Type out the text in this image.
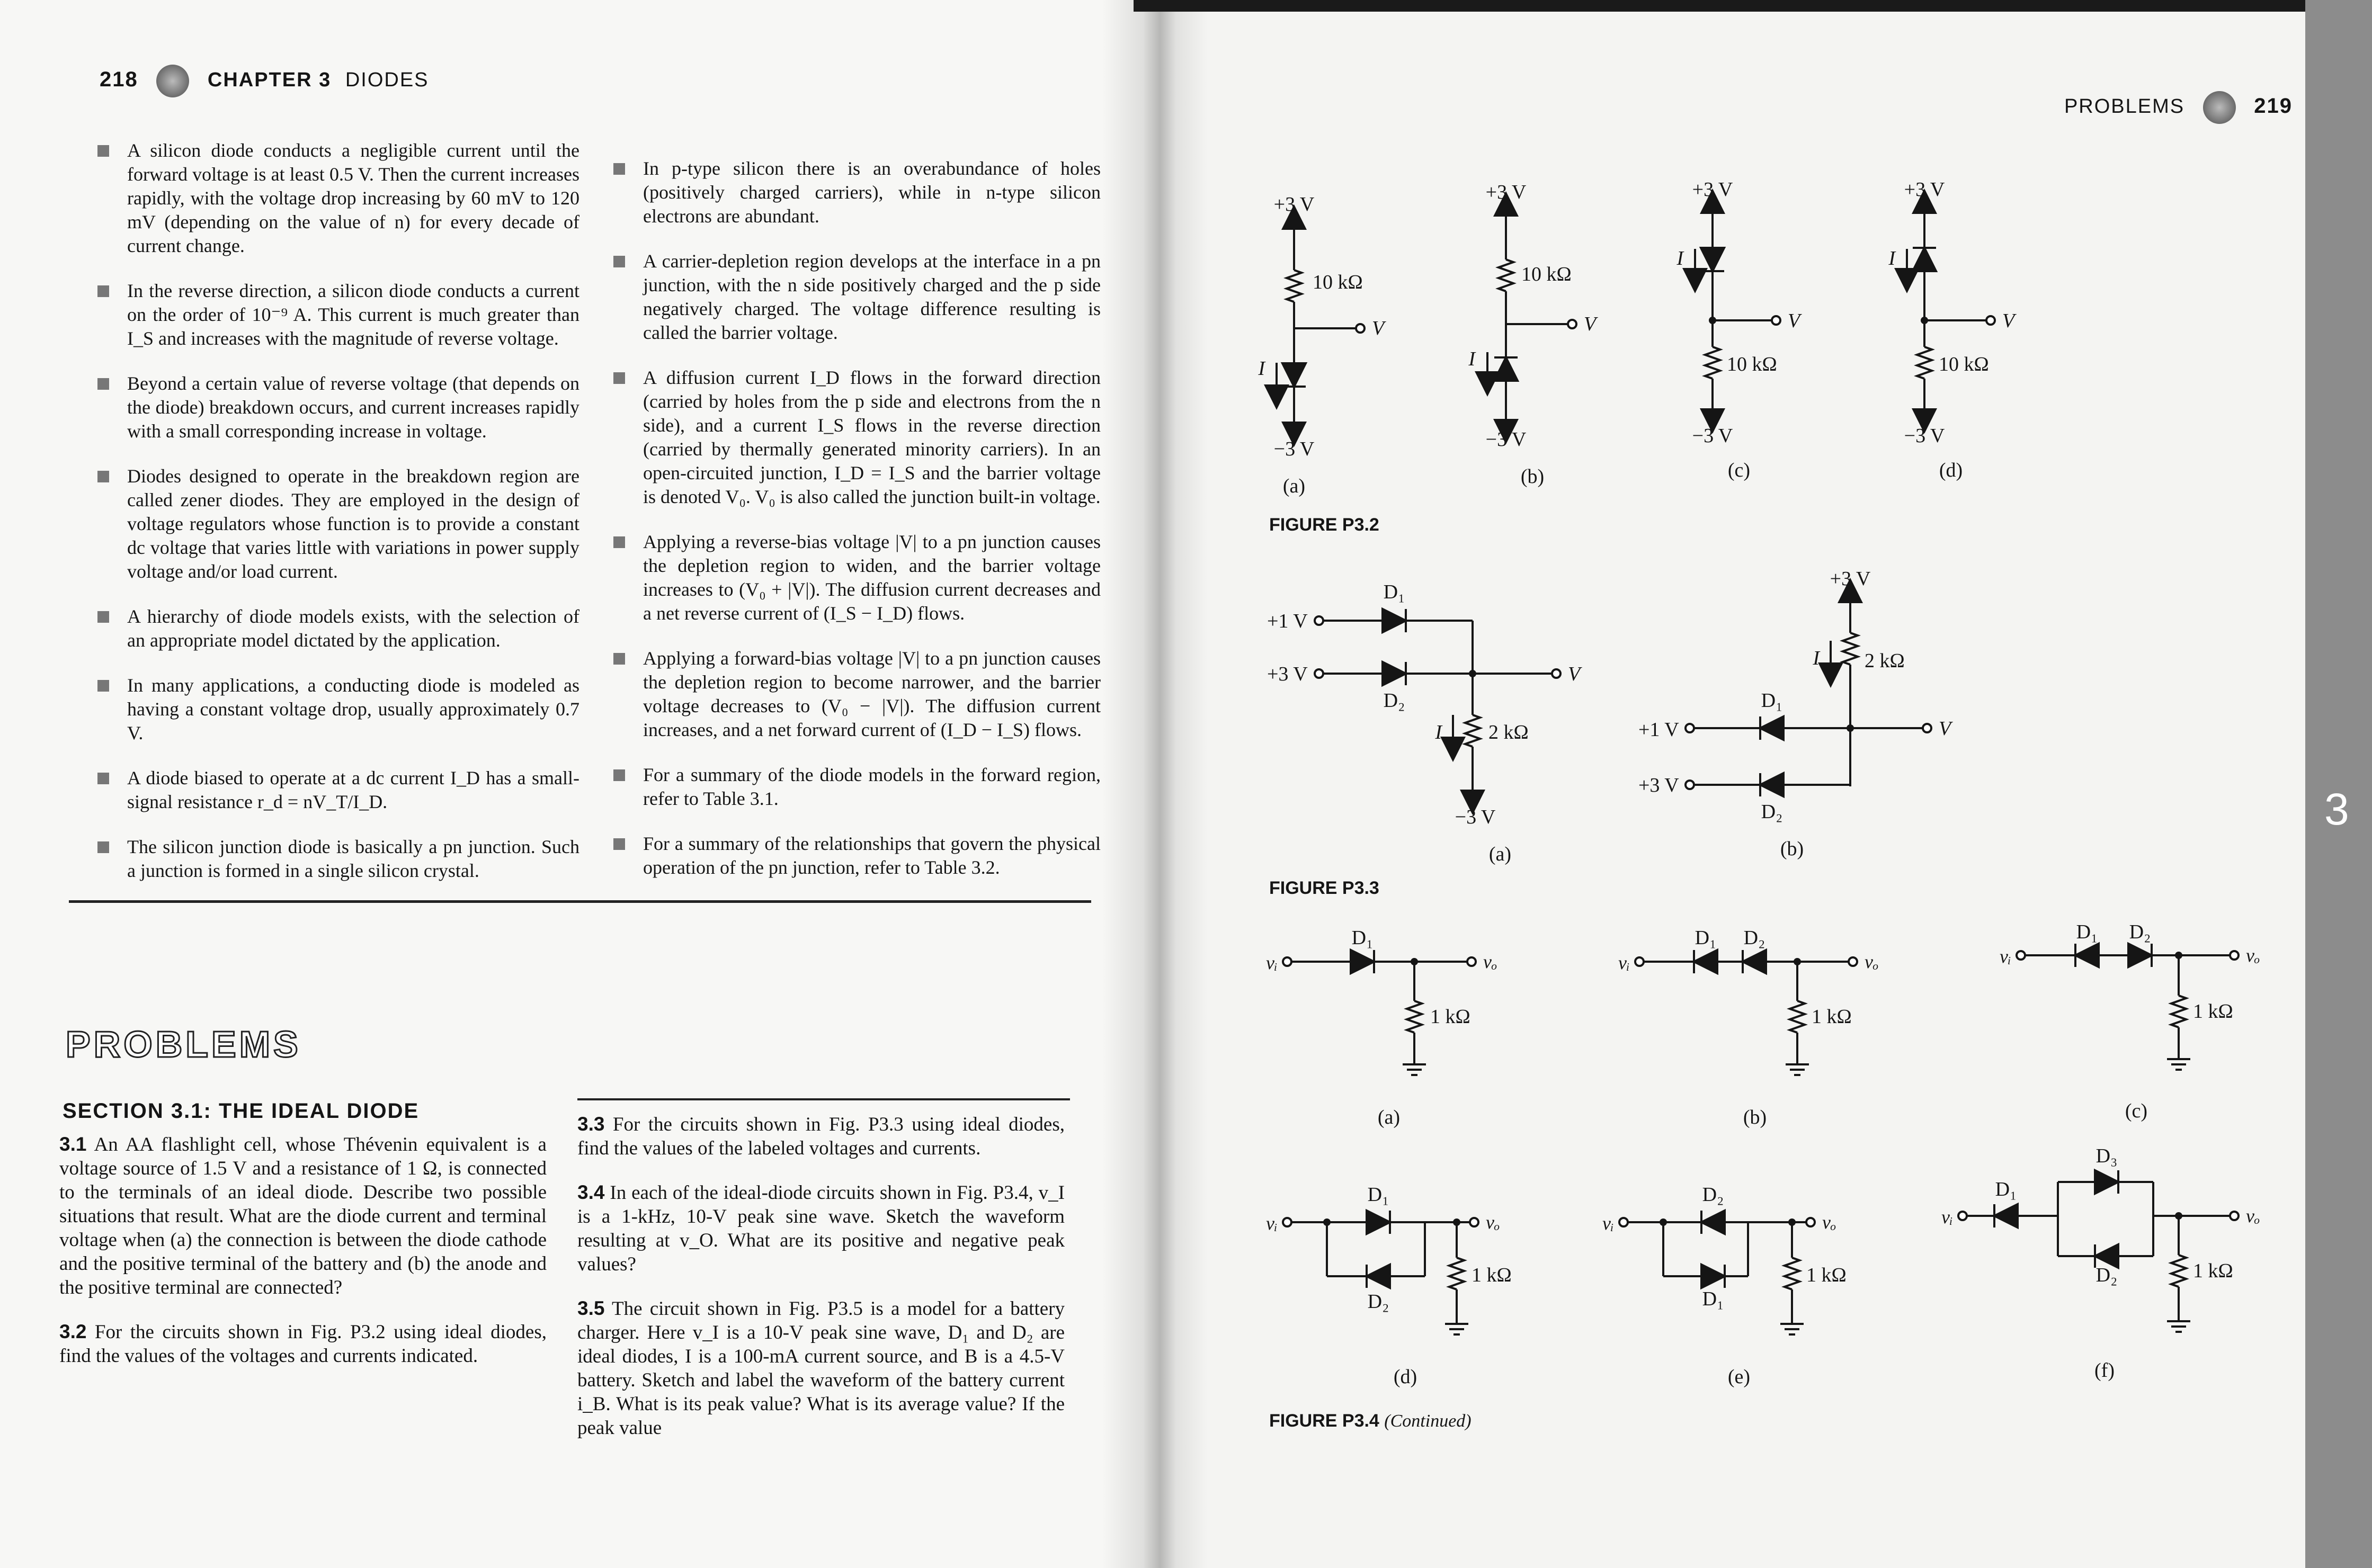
218	CHAPTER 3 DIODES
A silicon diode conducts a negligible current until the forward voltage is at least 0.5 V. Then the current increases rapidly, with the voltage drop increasing by 60 mV to 120 mV (depending on the value of n) for every decade of current change.
In the reverse direction, a silicon diode conducts a current on the order of 10⁻⁹ A. This current is much greater than I_S and increases with the magnitude of reverse voltage.
Beyond a certain value of reverse voltage (that depends on the diode) breakdown occurs, and current increases rapidly with a small corresponding increase in voltage.
Diodes designed to operate in the breakdown region are called zener diodes. They are employed in the design of voltage regulators whose function is to provide a constant dc voltage that varies little with variations in power supply voltage and/or load current.
A hierarchy of diode models exists, with the selection of an appropriate model dictated by the application.
In many applications, a conducting diode is modeled as having a constant voltage drop, usually approximately 0.7 V.
A diode biased to operate at a dc current I_D has a small-signal resistance r_d = nV_T/I_D.
The silicon junction diode is basically a pn junction. Such a junction is formed in a single silicon crystal.
In p-type silicon there is an overabundance of holes (positively charged carriers), while in n-type silicon electrons are abundant.
A carrier-depletion region develops at the interface in a pn junction, with the n side positively charged and the p side negatively charged. The voltage difference resulting is called the barrier voltage.
A diffusion current I_D flows in the forward direction (carried by holes from the p side and electrons from the n side), and a current I_S flows in the reverse direction (carried by thermally generated minority carriers). In an open-circuited junction, I_D = I_S and the barrier voltage is denoted V₀. V₀ is also called the junction built-in voltage.
Applying a reverse-bias voltage |V| to a pn junction causes the depletion region to widen, and the barrier voltage increases to (V₀ + |V|). The diffusion current decreases and a net reverse current of (I_S − I_D) flows.
Applying a forward-bias voltage |V| to a pn junction causes the depletion region to become narrower, and the barrier voltage decreases to (V₀ − |V|). The diffusion current increases, and a net forward current of (I_D − I_S) flows.
For a summary of the diode models in the forward region, refer to Table 3.1.
For a summary of the relationships that govern the physical operation of the pn junction, refer to Table 3.2.
PROBLEMS
SECTION 3.1: THE IDEAL DIODE
3.1 An AA flashlight cell, whose Thévenin equivalent is a voltage source of 1.5 V and a resistance of 1 Ω, is connected to the terminals of an ideal diode. Describe two possible situations that result. What are the diode current and terminal voltage when (a) the connection is between the diode cathode and the positive terminal of the battery and (b) the anode and the positive terminal are connected?
3.2 For the circuits shown in Fig. P3.2 using ideal diodes, find the values of the voltages and currents indicated.
3.3 For the circuits shown in Fig. P3.3 using ideal diodes, find the values of the labeled voltages and currents.
3.4 In each of the ideal-diode circuits shown in Fig. P3.4, v_I is a 1-kHz, 10-V peak sine wave. Sketch the waveform resulting at v_O. What are its positive and negative peak values?
3.5 The circuit shown in Fig. P3.5 is a model for a battery charger. Here v_I is a 10-V peak sine wave, D₁ and D₂ are ideal diodes, I is a 100-mA current source, and B is a 4.5-V battery. Sketch and label the waveform of the battery current i_B. What is its peak value? What is its average value? If the peak value
PROBLEMS	219
+3 V
10 kΩ
V
−3 V
I
(a)
+3 V
10 kΩ
V
−3 V
I
(b)
+3 V
V
10 kΩ
−3 V
I
(c)
+3 V
V
10 kΩ
−3 V
I
(d)
+1 V
D₁
+3 V	V
D₂
2 kΩ
−3 V
I
(a)
+3 V
2 kΩ
I
+1 V	V
D₁
+3 V
D₂
(b)
vᵢ	vₒ
D₁
1 kΩ
(a)
vᵢ	vₒ
D₁ D₂
1 kΩ
(b)
vᵢ	vₒ
D₁ D₂
1 kΩ
(c)
vᵢ	vₒ
D₁
D₂
1 kΩ
(d)
vᵢ	vₒ
D₂
D₁
1 kΩ
(e)
vᵢ	vₒ
D₁
D₃
D₂	1 kΩ
(f)
FIGURE P3.2
FIGURE P3.3
FIGURE P3.4 (Continued)
3
